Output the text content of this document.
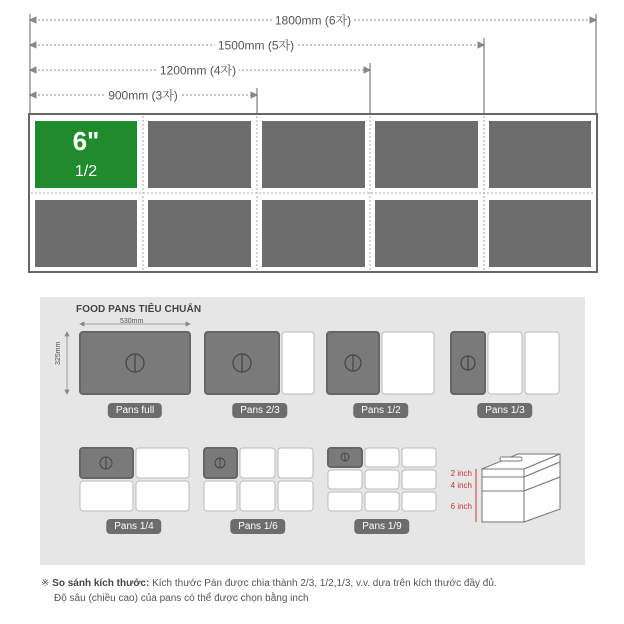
6"
1/2
1800mm (6자)
1500mm (5자)
1200mm (4자)
900mm (3자)
FOOD PANS TIÊU CHUẨN
530mm
325mm
2 inch
4 inch
6 inch
Pans full	Pans 2/3	Pans 1/2	Pans 1/3
Pans 1/4	Pans 1/6	Pans 1/9
※ So sánh kích thước: Kích thước Pán được chia thành 2/3, 1/2,1/3, v.v. dựa trên kích thước đầy đủ.
Độ sâu (chiều cao) của pans có thể được chọn bằng inch
